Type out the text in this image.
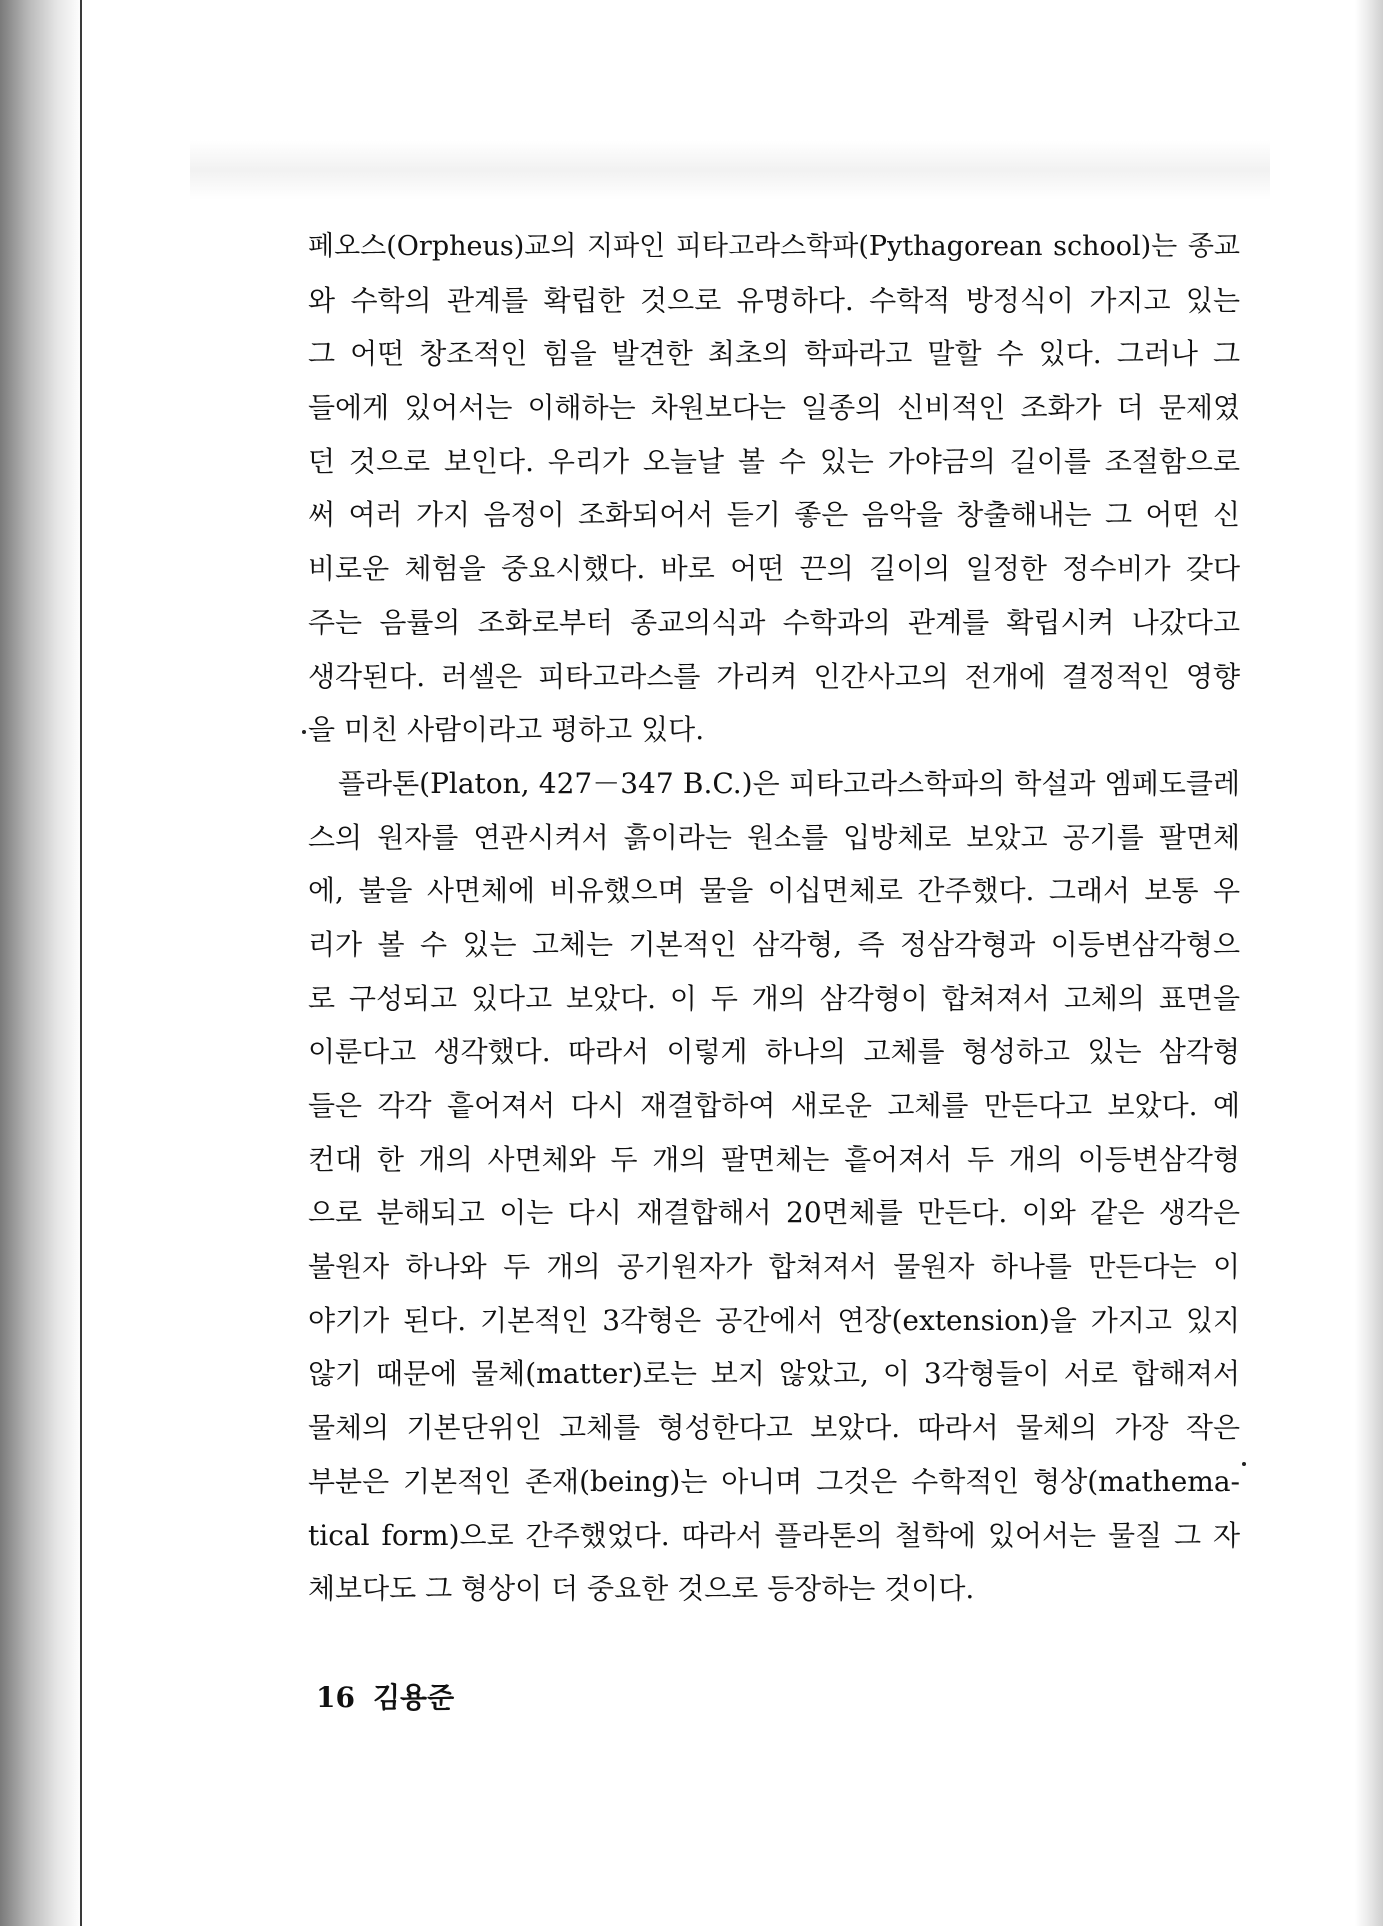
페오스(Orpheus)교의 지파인 피타고라스학파(Pythagorean school)는 종교
와 수학의 관계를 확립한 것으로 유명하다. 수학적 방정식이 가지고 있는
그 어떤 창조적인 힘을 발견한 최초의 학파라고 말할 수 있다. 그러나 그
들에게 있어서는 이해하는 차원보다는 일종의 신비적인 조화가 더 문제였
던 것으로 보인다. 우리가 오늘날 볼 수 있는 가야금의 길이를 조절함으로
써 여러 가지 음정이 조화되어서 듣기 좋은 음악을 창출해내는 그 어떤 신
비로운 체험을 중요시했다. 바로 어떤 끈의 길이의 일정한 정수비가 갖다
주는 음률의 조화로부터 종교의식과 수학과의 관계를 확립시켜 나갔다고
생각된다. 러셀은 피타고라스를 가리켜 인간사고의 전개에 결정적인 영향
을 미친 사람이라고 평하고 있다.
플라톤(Platon, 427－347 B.C.)은 피타고라스학파의 학설과 엠페도클레
스의 원자를 연관시켜서 흙이라는 원소를 입방체로 보았고 공기를 팔면체
에, 불을 사면체에 비유했으며 물을 이십면체로 간주했다. 그래서 보통 우
리가 볼 수 있는 고체는 기본적인 삼각형, 즉 정삼각형과 이등변삼각형으
로 구성되고 있다고 보았다. 이 두 개의 삼각형이 합쳐져서 고체의 표면을
이룬다고 생각했다. 따라서 이렇게 하나의 고체를 형성하고 있는 삼각형
들은 각각 흩어져서 다시 재결합하여 새로운 고체를 만든다고 보았다. 예
컨대 한 개의 사면체와 두 개의 팔면체는 흩어져서 두 개의 이등변삼각형
으로 분해되고 이는 다시 재결합해서 20면체를 만든다. 이와 같은 생각은
불원자 하나와 두 개의 공기원자가 합쳐져서 물원자 하나를 만든다는 이
야기가 된다. 기본적인 3각형은 공간에서 연장(extension)을 가지고 있지
않기 때문에 물체(matter)로는 보지 않았고, 이 3각형들이 서로 합해져서
물체의 기본단위인 고체를 형성한다고 보았다. 따라서 물체의 가장 작은
부분은 기본적인 존재(being)는 아니며 그것은 수학적인 형상(mathema-
tical form)으로 간주했었다. 따라서 플라톤의 철학에 있어서는 물질 그 자
체보다도 그 형상이 더 중요한 것으로 등장하는 것이다.
16 김용준
